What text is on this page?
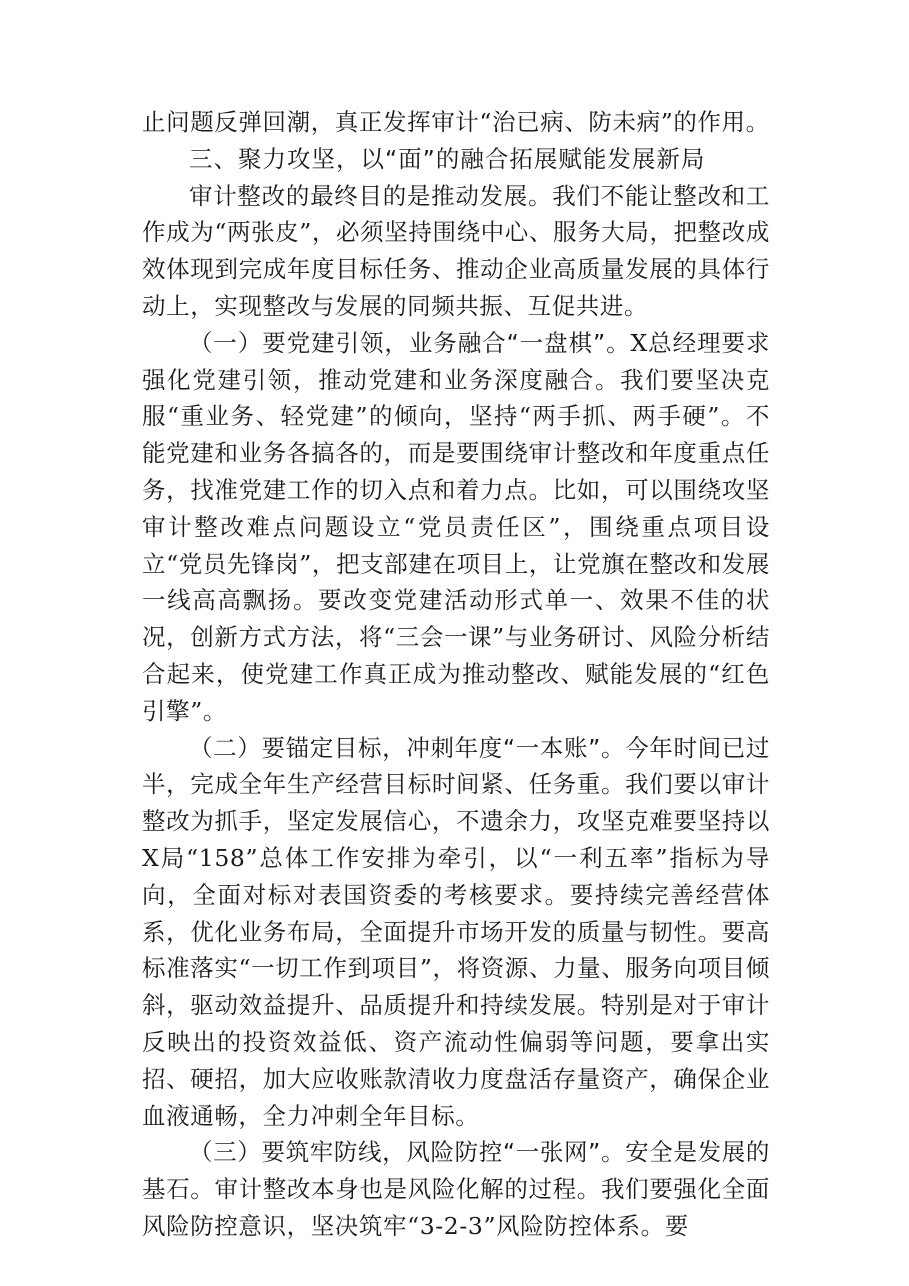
止问题反弹回潮，真正发挥审计“治已病、防未病”的作用。

三、聚力攻坚，以“面”的融合拓展赋能发展新局

审计整改的最终目的是推动发展。我们不能让整改和工作成为“两张皮”，必须坚持围绕中心、服务大局，把整改成效体现到完成年度目标任务、推动企业高质量发展的具体行动上，实现整改与发展的同频共振、互促共进。

（一）要党建引领，业务融合“一盘棋”。X总经理要求强化党建引领，推动党建和业务深度融合。我们要坚决克服“重业务、轻党建”的倾向，坚持“两手抓、两手硬”。不能党建和业务各搞各的，而是要围绕审计整改和年度重点任务，找准党建工作的切入点和着力点。比如，可以围绕攻坚审计整改难点问题设立“党员责任区”，围绕重点项目设立“党员先锋岗”，把支部建在项目上，让党旗在整改和发展一线高高飘扬。要改变党建活动形式单一、效果不佳的状况，创新方式方法，将“三会一课”与业务研讨、风险分析结合起来，使党建工作真正成为推动整改、赋能发展的“红色引擎”。

（二）要锚定目标，冲刺年度“一本账”。今年时间已过半，完成全年生产经营目标时间紧、任务重。我们要以审计整改为抓手，坚定发展信心，不遗余力，攻坚克难要坚持以X局“158”总体工作安排为牵引，以“一利五率”指标为导向，全面对标对表国资委的考核要求。要持续完善经营体系，优化业务布局，全面提升市场开发的质量与韧性。要高标准落实“一切工作到项目”，将资源、力量、服务向项目倾斜，驱动效益提升、品质提升和持续发展。特别是对于审计反映出的投资效益低、资产流动性偏弱等问题，要拿出实招、硬招，加大应收账款清收力度盘活存量资产，确保企业血液通畅，全力冲刺全年目标。

（三）要筑牢防线，风险防控“一张网”。安全是发展的基石。审计整改本身也是风险化解的过程。我们要强化全面风险防控意识，坚决筑牢“3-2-3”风险防控体系。要
